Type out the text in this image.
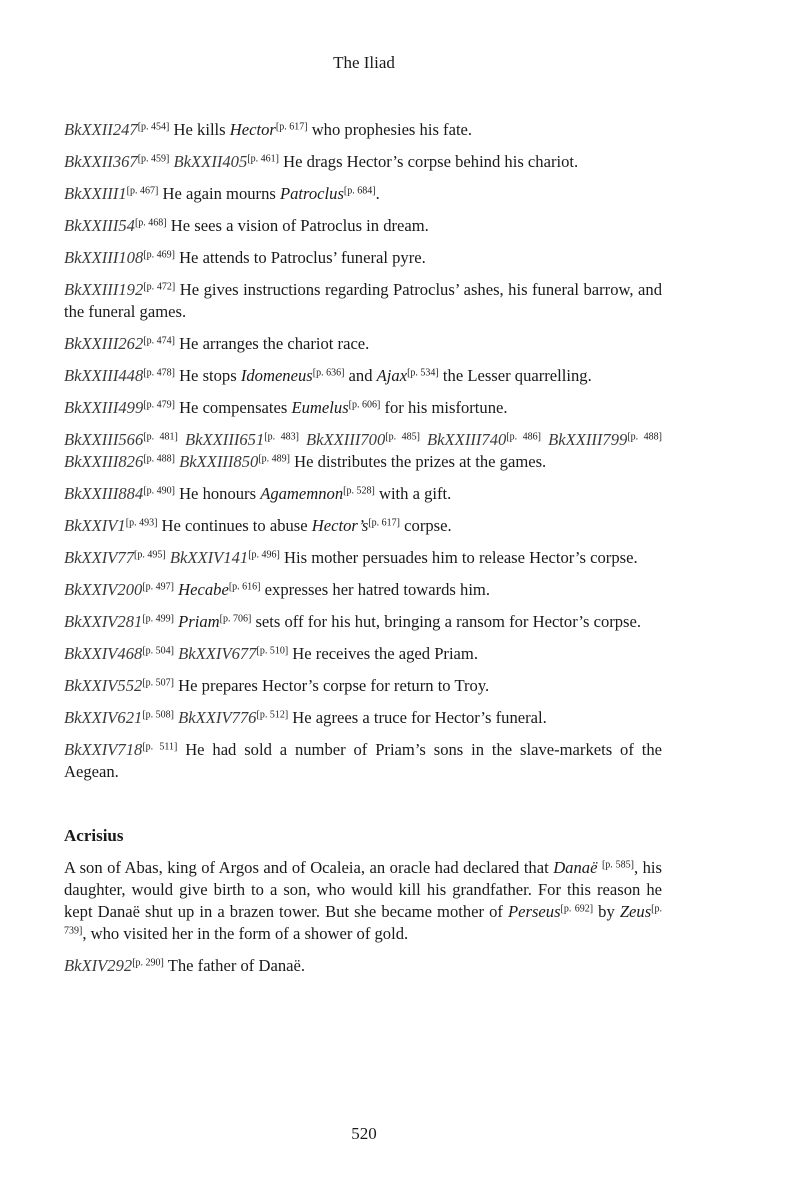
The Iliad

BkXXII247[p. 454] He kills Hector[p. 617] who prophesies his fate.

BkXXII367[p. 459] BkXXII405[p. 461] He drags Hector’s corpse behind his chariot.

BkXXIII1[p. 467] He again mourns Patroclus[p. 684].

BkXXIII54[p. 468] He sees a vision of Patroclus in dream.

BkXXIII108[p. 469] He attends to Patroclus’ funeral pyre.

BkXXIII192[p. 472] He gives instructions regarding Patroclus’ ashes, his funeral barrow, and the funeral games.

BkXXIII262[p. 474] He arranges the chariot race.

BkXXIII448[p. 478] He stops Idomeneus[p. 636] and Ajax[p. 534] the Lesser quarrelling.

BkXXIII499[p. 479] He compensates Eumelus[p. 606] for his misfortune.

BkXXIII566[p. 481] BkXXIII651[p. 483] BkXXIII700[p. 485] BkXXIII740[p. 486] BkXXIII799[p. 488] BkXXIII826[p. 488] BkXXIII850[p. 489] He distributes the prizes at the games.

BkXXIII884[p. 490] He honours Agamemnon[p. 528] with a gift.

BkXXIV1[p. 493] He continues to abuse Hector’s[p. 617] corpse.

BkXXIV77[p. 495] BkXXIV141[p. 496] His mother persuades him to release Hector’s corpse.

BkXXIV200[p. 497] Hecabe[p. 616] expresses her hatred towards him.

BkXXIV281[p. 499] Priam[p. 706] sets off for his hut, bringing a ransom for Hector’s corpse.

BkXXIV468[p. 504] BkXXIV677[p. 510] He receives the aged Priam.

BkXXIV552[p. 507] He prepares Hector’s corpse for return to Troy.

BkXXIV621[p. 508] BkXXIV776[p. 512] He agrees a truce for Hector’s funeral.

BkXXIV718[p. 511] He had sold a number of Priam’s sons in the slave-markets of the Aegean.

Acrisius

A son of Abas, king of Argos and of Ocaleia, an oracle had declared that Danaë [p. 585], his daughter, would give birth to a son, who would kill his grandfather. For this reason he kept Danaë shut up in a brazen tower. But she became mother of Perseus[p. 692] by Zeus[p. 739], who visited her in the form of a shower of gold.

BkXIV292[p. 290] The father of Danaë.

520
